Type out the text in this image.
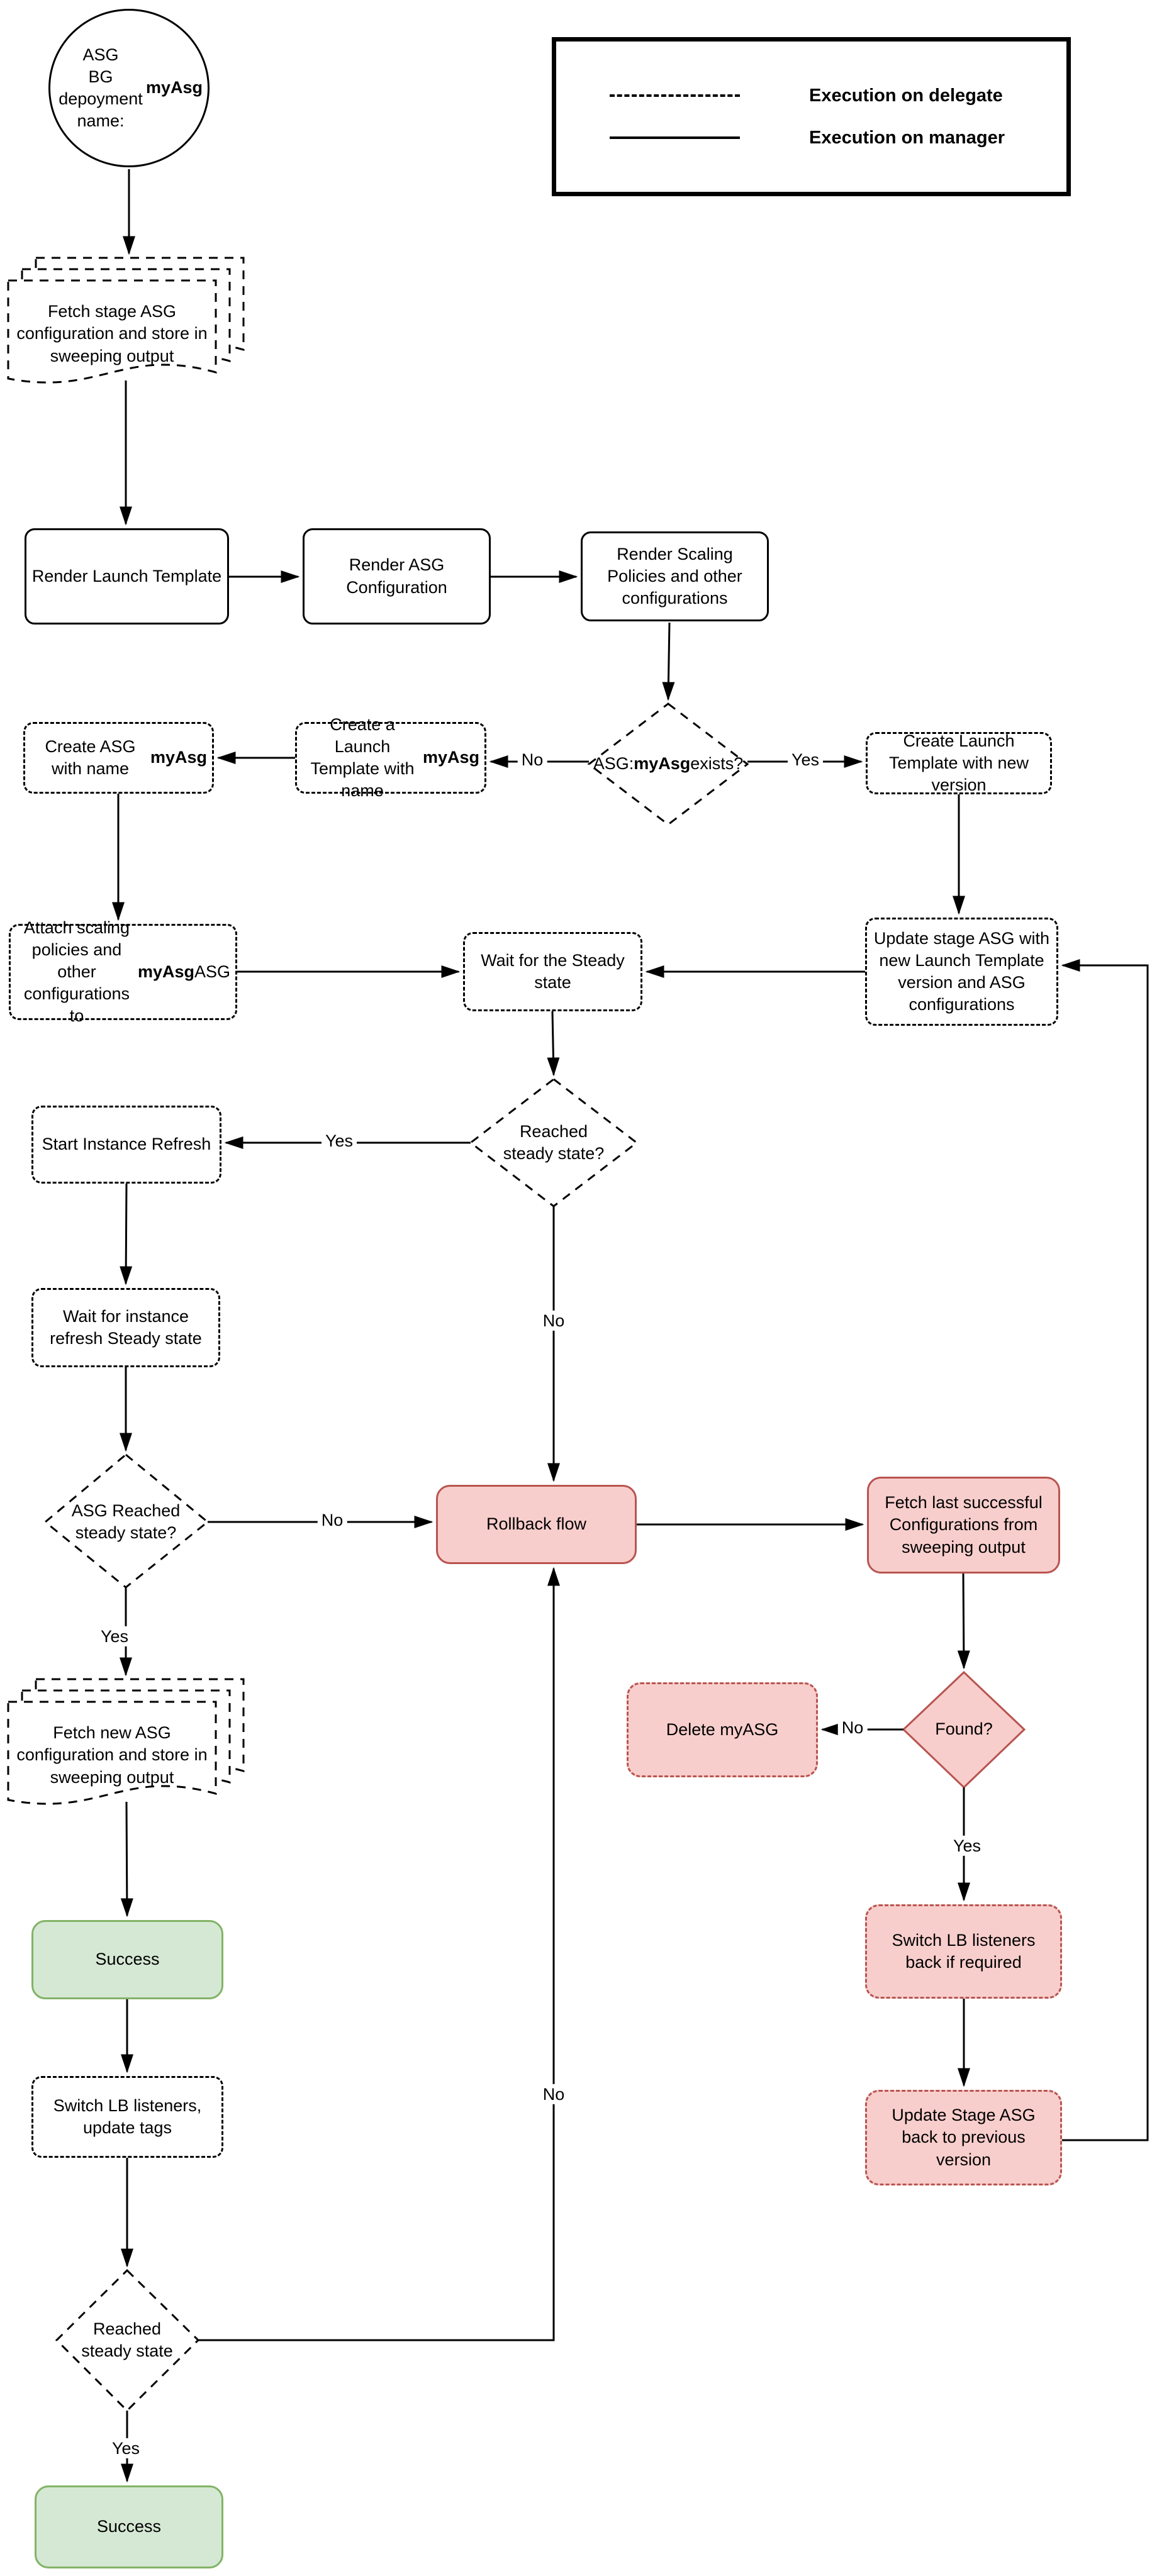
Execution on delegate
Execution on manager
ASG
BG depoyment
name:
myAsg
Render Launch Template
Render ASG Configuration
Render Scaling Policies and other configurations
Create a Launch Template with name
myAsg
Create ASG with name
myAsg
Create Launch Template with new version
Attach scaling policies and other configurations to
myAsg ASG
Wait for the Steady state
Update stage ASG with new Launch Template version and ASG configurations
Start Instance Refresh
Wait for instance refresh Steady state
Rollback flow
Fetch last successful Configurations from sweeping output
Delete myASG
Success
Switch LB listeners, update tags
Success
Switch LB listeners back if required
Update Stage ASG back to previous version
Fetch stage ASG configuration and store in sweeping output
Fetch new ASG configuration and store in sweeping output
ASG: myAsg exists?
Reached
steady state?
ASG Reached
steady state?
Found?
Reached
steady state
No	Yes
Yes
No
No
Yes
No
Yes
No
Yes
